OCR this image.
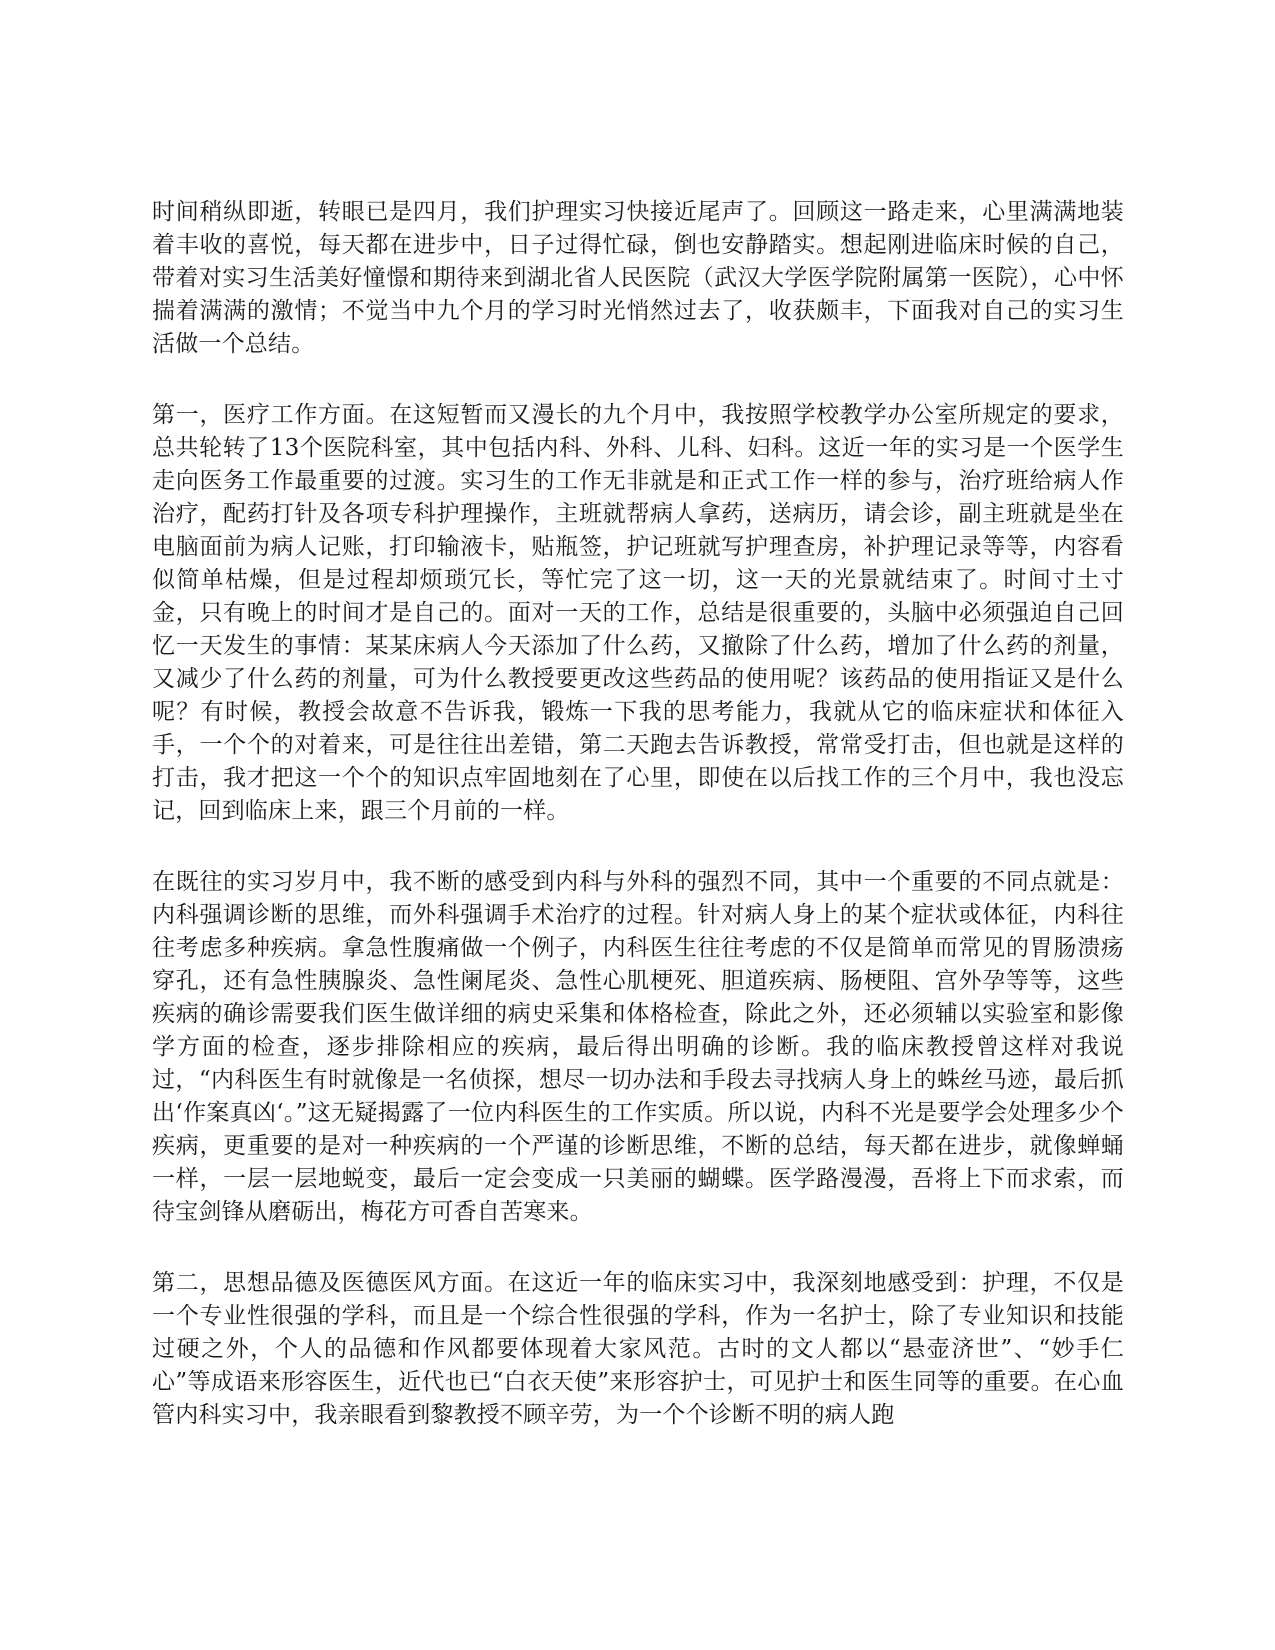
时间稍纵即逝，转眼已是四月，我们护理实习快接近尾声了。回顾这一路走来，心里满满地装着丰收的喜悦，每天都在进步中，日子过得忙碌，倒也安静踏实。想起刚进临床时候的自己，带着对实习生活美好憧憬和期待来到湖北省人民医院（武汉大学医学院附属第一医院），心中怀揣着满满的激情；不觉当中九个月的学习时光悄然过去了，收获颇丰，下面我对自己的实习生活做一个总结。

第一，医疗工作方面。在这短暂而又漫长的九个月中，我按照学校教学办公室所规定的要求，总共轮转了13个医院科室，其中包括内科、外科、儿科、妇科。这近一年的实习是一个医学生走向医务工作最重要的过渡。实习生的工作无非就是和正式工作一样的参与，治疗班给病人作治疗，配药打针及各项专科护理操作，主班就帮病人拿药，送病历，请会诊，副主班就是坐在电脑面前为病人记账，打印输液卡，贴瓶签，护记班就写护理查房，补护理记录等等，内容看似简单枯燥，但是过程却烦琐冗长，等忙完了这一切，这一天的光景就结束了。时间寸土寸金，只有晚上的时间才是自己的。面对一天的工作，总结是很重要的，头脑中必须强迫自己回忆一天发生的事情：某某床病人今天添加了什么药，又撤除了什么药，增加了什么药的剂量，又减少了什么药的剂量，可为什么教授要更改这些药品的使用呢？该药品的使用指证又是什么呢？有时候，教授会故意不告诉我，锻炼一下我的思考能力，我就从它的临床症状和体征入手，一个个的对着来，可是往往出差错，第二天跑去告诉教授，常常受打击，但也就是这样的打击，我才把这一个个的知识点牢固地刻在了心里，即使在以后找工作的三个月中，我也没忘记，回到临床上来，跟三个月前的一样。

在既往的实习岁月中，我不断的感受到内科与外科的强烈不同，其中一个重要的不同点就是：内科强调诊断的思维，而外科强调手术治疗的过程。针对病人身上的某个症状或体征，内科往往考虑多种疾病。拿急性腹痛做一个例子，内科医生往往考虑的不仅是简单而常见的胃肠溃疡穿孔，还有急性胰腺炎、急性阑尾炎、急性心肌梗死、胆道疾病、肠梗阻、宫外孕等等，这些疾病的确诊需要我们医生做详细的病史采集和体格检查，除此之外，还必须辅以实验室和影像学方面的检查，逐步排除相应的疾病，最后得出明确的诊断。我的临床教授曾这样对我说过，“内科医生有时就像是一名侦探，想尽一切办法和手段去寻找病人身上的蛛丝马迹，最后抓出‘作案真凶‘。”这无疑揭露了一位内科医生的工作实质。所以说，内科不光是要学会处理多少个疾病，更重要的是对一种疾病的一个严谨的诊断思维，不断的总结，每天都在进步，就像蝉蛹一样，一层一层地蜕变，最后一定会变成一只美丽的蝴蝶。医学路漫漫，吾将上下而求索，而待宝剑锋从磨砺出，梅花方可香自苦寒来。

第二，思想品德及医德医风方面。在这近一年的临床实习中，我深刻地感受到：护理，不仅是一个专业性很强的学科，而且是一个综合性很强的学科，作为一名护士，除了专业知识和技能过硬之外，个人的品德和作风都要体现着大家风范。古时的文人都以“悬壶济世”、“妙手仁心”等成语来形容医生，近代也已“白衣天使”来形容护士，可见护士和医生同等的重要。在心血管内科实习中，我亲眼看到黎教授不顾辛劳，为一个个诊断不明的病人跑
